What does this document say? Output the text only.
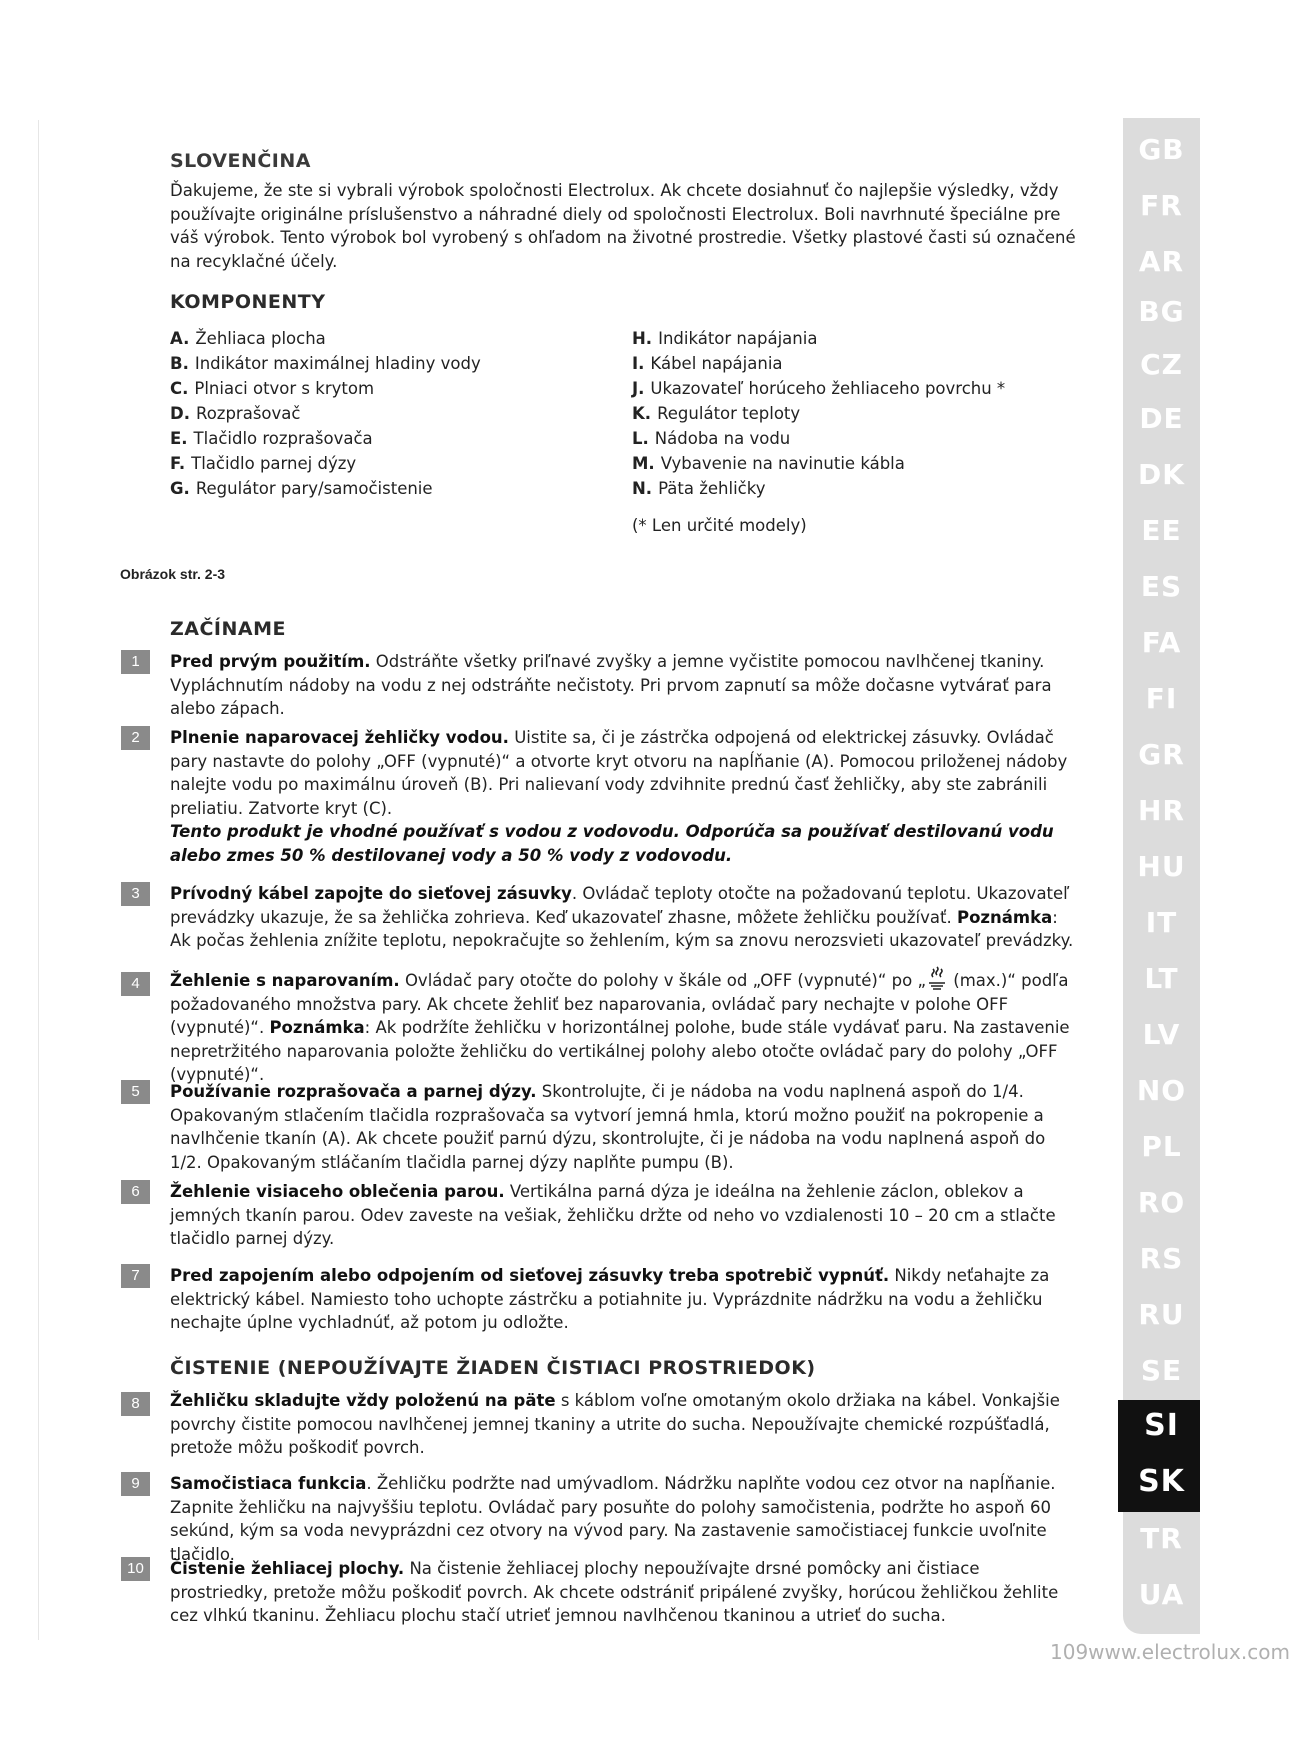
SLOVENČINA
Ďakujeme, že ste si vybrali výrobok spoločnosti Electrolux. Ak chcete dosiahnuť čo najlepšie výsledky, vždy používajte originálne príslušenstvo a náhradné diely od spoločnosti Electrolux. Boli navrhnuté špeciálne pre váš výrobok. Tento výrobok bol vyrobený s ohľadom na životné prostredie. Všetky plastové časti sú označené na recyklačné účely.
KOMPONENTY
A. Žehliaca plocha
B. Indikátor maximálnej hladiny vody
C. Plniaci otvor s krytom
D. Rozprašovač
E. Tlačidlo rozprašovača
F. Tlačidlo parnej dýzy
G. Regulátor pary/samočistenie
H. Indikátor napájania
I. Kábel napájania
J. Ukazovateľ horúceho žehliaceho povrchu *
K. Regulátor teploty
L. Nádoba na vodu
M. Vybavenie na navinutie kábla
N. Päta žehličky
(* Len určité modely)
Obrázok str. 2-3
ZAČÍNAME
1	Pred prvým použitím. Odstráňte všetky priľnavé zvyšky a jemne vyčistite pomocou navlhčenej tkaniny. Vypláchnutím nádoby na vodu z nej odstráňte nečistoty. Pri prvom zapnutí sa môže dočasne vytvárať para alebo zápach.
2	Plnenie naparovacej žehličky vodou. Uistite sa, či je zástrčka odpojená od elektrickej zásuvky. Ovládač pary nastavte do polohy „OFF (vypnuté)“ a otvorte kryt otvoru na napĺňanie (A). Pomocou priloženej nádoby nalejte vodu po maximálnu úroveň (B). Pri nalievaní vody zdvihnite prednú časť žehličky, aby ste zabránili preliatiu. Zatvorte kryt (C).
Tento produkt je vhodné používať s vodou z vodovodu. Odporúča sa používať destilovanú vodu alebo zmes 50 % destilovanej vody a 50 % vody z vodovodu.
3	Prívodný kábel zapojte do sieťovej zásuvky. Ovládač teploty otočte na požadovanú teplotu. Ukazovateľ prevádzky ukazuje, že sa žehlička zohrieva. Keď ukazovateľ zhasne, môžete žehličku používať. Poznámka: Ak počas žehlenia znížite teplotu, nepokračujte so žehlením, kým sa znovu nerozsvieti ukazovateľ prevádzky.
4	Žehlenie s naparovaním. Ovládač pary otočte do polohy v škále od „OFF (vypnuté)“ po „ (max.)“ podľa požadovaného množstva pary. Ak chcete žehliť bez naparovania, ovládač pary nechajte v polohe OFF (vypnuté)“. Poznámka: Ak podržíte žehličku v horizontálnej polohe, bude stále vydávať paru. Na zastavenie nepretržitého naparovania položte žehličku do vertikálnej polohy alebo otočte ovládač pary do polohy „OFF (vypnuté)“.
5	Používanie rozprašovača a parnej dýzy. Skontrolujte, či je nádoba na vodu naplnená aspoň do 1/4. Opakovaným stlačením tlačidla rozprašovača sa vytvorí jemná hmla, ktorú možno použiť na pokropenie a navlhčenie tkanín (A). Ak chcete použiť parnú dýzu, skontrolujte, či je nádoba na vodu naplnená aspoň do 1/2. Opakovaným stláčaním tlačidla parnej dýzy naplňte pumpu (B).
6	Žehlenie visiaceho oblečenia parou. Vertikálna parná dýza je ideálna na žehlenie záclon, oblekov a jemných tkanín parou. Odev zaveste na vešiak, žehličku držte od neho vo vzdialenosti 10 – 20 cm a stlačte tlačidlo parnej dýzy.
7	Pred zapojením alebo odpojením od sieťovej zásuvky treba spotrebič vypnúť. Nikdy neťahajte za elektrický kábel. Namiesto toho uchopte zástrčku a potiahnite ju. Vyprázdnite nádržku na vodu a žehličku nechajte úplne vychladnúť, až potom ju odložte.
ČISTENIE (NEPOUŽÍVAJTE ŽIADEN ČISTIACI PROSTRIEDOK)
8	Žehličku skladujte vždy položenú na päte s káblom voľne omotaným okolo držiaka na kábel. Vonkajšie povrchy čistite pomocou navlhčenej jemnej tkaniny a utrite do sucha. Nepoužívajte chemické rozpúšťadlá, pretože môžu poškodiť povrch.
9	Samočistiaca funkcia. Žehličku podržte nad umývadlom. Nádržku naplňte vodou cez otvor na napĺňanie. Zapnite žehličku na najvyššiu teplotu. Ovládač pary posuňte do polohy samočistenia, podržte ho aspoň 60 sekúnd, kým sa voda nevyprázdni cez otvory na vývod pary. Na zastavenie samočistiacej funkcie uvoľnite tlačidlo.
10	Čistenie žehliacej plochy. Na čistenie žehliacej plochy nepoužívajte drsné pomôcky ani čistiace prostriedky, pretože môžu poškodiť povrch. Ak chcete odstrániť pripálené zvyšky, horúcou žehličkou žehlite cez vlhkú tkaninu. Žehliacu plochu stačí utrieť jemnou navlhčenou tkaninou a utrieť do sucha.
GB
FR
AR
BG
CZ
DE
DK
EE
ES
FA
FI
GR
HR
HU
IT
LT
LV
NO
PL
RO
RS
RU
SE
SI
SK
TR
UA
109www.electrolux.com
